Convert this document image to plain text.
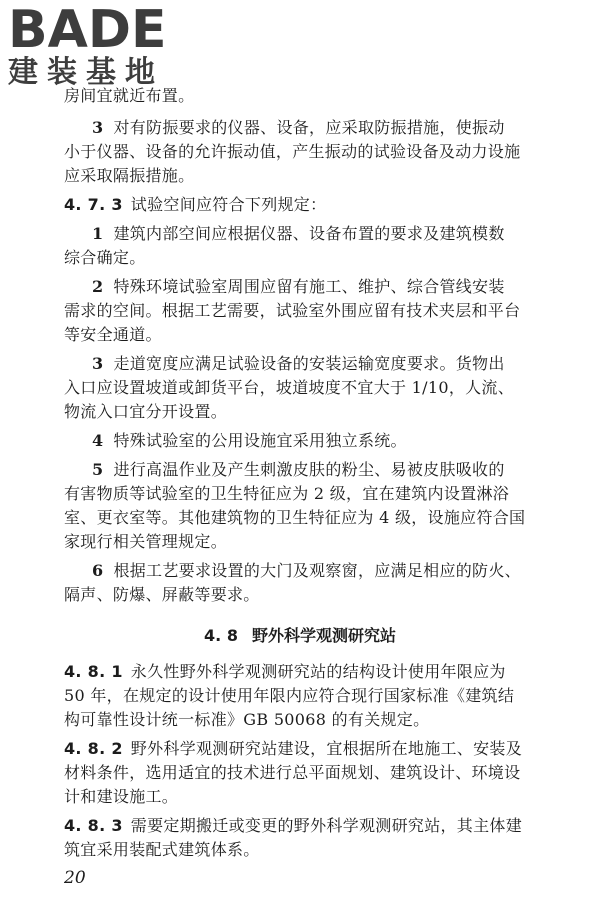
BADE
建装基地
房间宜就近布置。
3 对有防振要求的仪器、设备，应采取防振措施，使振动
小于仪器、设备的允许振动值，产生振动的试验设备及动力设施
应采取隔振措施。
4. 7. 3 试验空间应符合下列规定：
1 建筑内部空间应根据仪器、设备布置的要求及建筑模数
综合确定。
2 特殊环境试验室周围应留有施工、维护、综合管线安装
需求的空间。根据工艺需要，试验室外围应留有技术夹层和平台
等安全通道。
3 走道宽度应满足试验设备的安装运输宽度要求。货物出
入口应设置坡道或卸货平台，坡道坡度不宜大于 1/10，人流、
物流入口宜分开设置。
4 特殊试验室的公用设施宜采用独立系统。
5 进行高温作业及产生刺激皮肤的粉尘、易被皮肤吸收的
有害物质等试验室的卫生特征应为 2 级，宜在建筑内设置淋浴
室、更衣室等。其他建筑物的卫生特征应为 4 级，设施应符合国
家现行相关管理规定。
6 根据工艺要求设置的大门及观察窗，应满足相应的防火、
隔声、防爆、屏蔽等要求。
4. 8 野外科学观测研究站
4. 8. 1 永久性野外科学观测研究站的结构设计使用年限应为
50 年，在规定的设计使用年限内应符合现行国家标准《建筑结
构可靠性设计统一标准》GB 50068 的有关规定。
4. 8. 2 野外科学观测研究站建设，宜根据所在地施工、安装及
材料条件，选用适宜的技术进行总平面规划、建筑设计、环境设
计和建设施工。
4. 8. 3 需要定期搬迁或变更的野外科学观测研究站，其主体建
筑宜采用装配式建筑体系。
20
